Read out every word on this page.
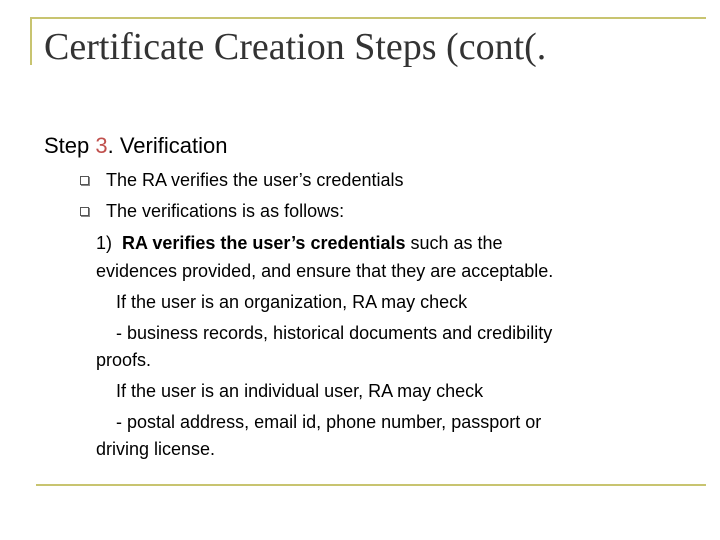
Certificate Creation Steps (cont(.
Step 3. Verification
The RA verifies the user’s credentials
The verifications is as follows:
1) RA verifies the user’s credentials such as the
evidences provided, and ensure that they are acceptable.
If the user is an organization, RA may check
- business records, historical documents and credibility
proofs.
If the user is an individual user, RA may check
- postal address, email id, phone number, passport or
driving license.
